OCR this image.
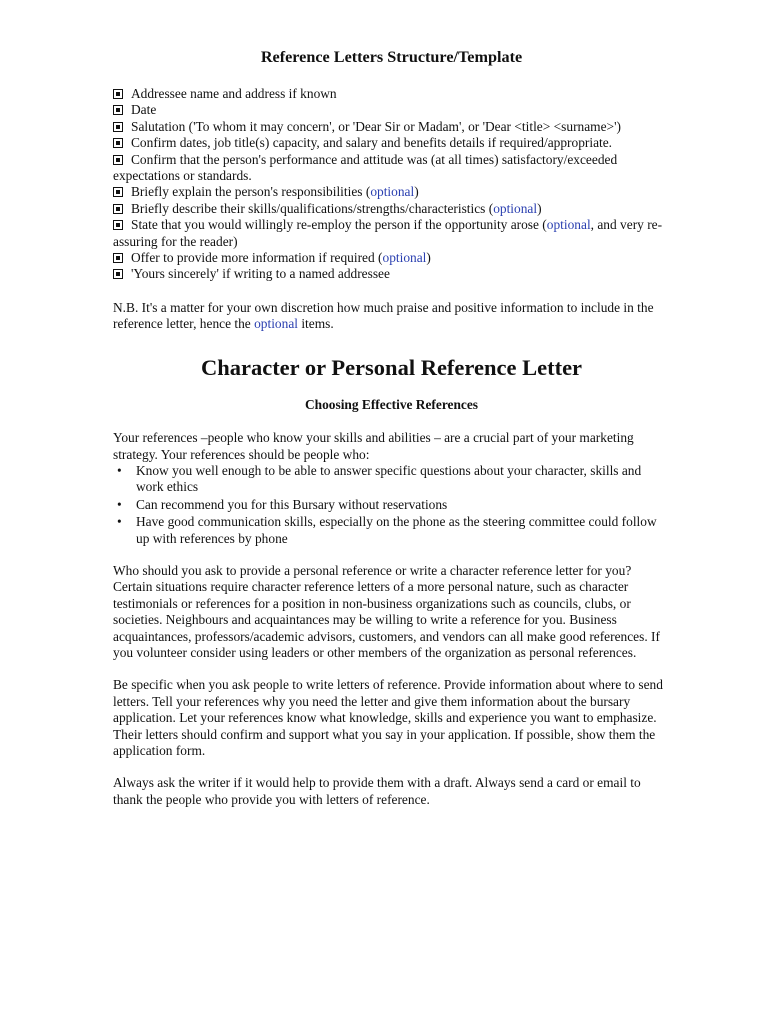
Reference Letters Structure/Template
Addressee name and address if known
Date
Salutation ('To whom it may concern', or 'Dear Sir or Madam', or 'Dear <title> <surname>')
Confirm dates, job title(s) capacity, and salary and benefits details if required/appropriate.
Confirm that the person's performance and attitude was (at all times) satisfactory/exceeded expectations or standards.
Briefly explain the person's responsibilities (optional)
Briefly describe their skills/qualifications/strengths/characteristics (optional)
State that you would willingly re-employ the person if the opportunity arose (optional, and very re-assuring for the reader)
Offer to provide more information if required (optional)
'Yours sincerely' if writing to a named addressee

N.B. It's a matter for your own discretion how much praise and positive information to include in the reference letter, hence the optional items.

Character or Personal Reference Letter
Choosing Effective References

Your references –people who know your skills and abilities – are a crucial part of your marketing strategy. Your references should be people who:

• Know you well enough to be able to answer specific questions about your character, skills and work ethics
• Can recommend you for this Bursary without reservations
• Have good communication skills, especially on the phone as the steering committee could follow up with references by phone

Who should you ask to provide a personal reference or write a character reference letter for you? Certain situations require character reference letters of a more personal nature, such as character testimonials or references for a position in non-business organizations such as councils, clubs, or societies. Neighbours and acquaintances may be willing to write a reference for you. Business acquaintances, professors/academic advisors, customers, and vendors can all make good references. If you volunteer consider using leaders or other members of the organization as personal references.

Be specific when you ask people to write letters of reference. Provide information about where to send letters. Tell your references why you need the letter and give them information about the bursary application. Let your references know what knowledge, skills and experience you want to emphasize. Their letters should confirm and support what you say in your application. If possible, show them the application form.

Always ask the writer if it would help to provide them with a draft. Always send a card or email to thank the people who provide you with letters of reference.
